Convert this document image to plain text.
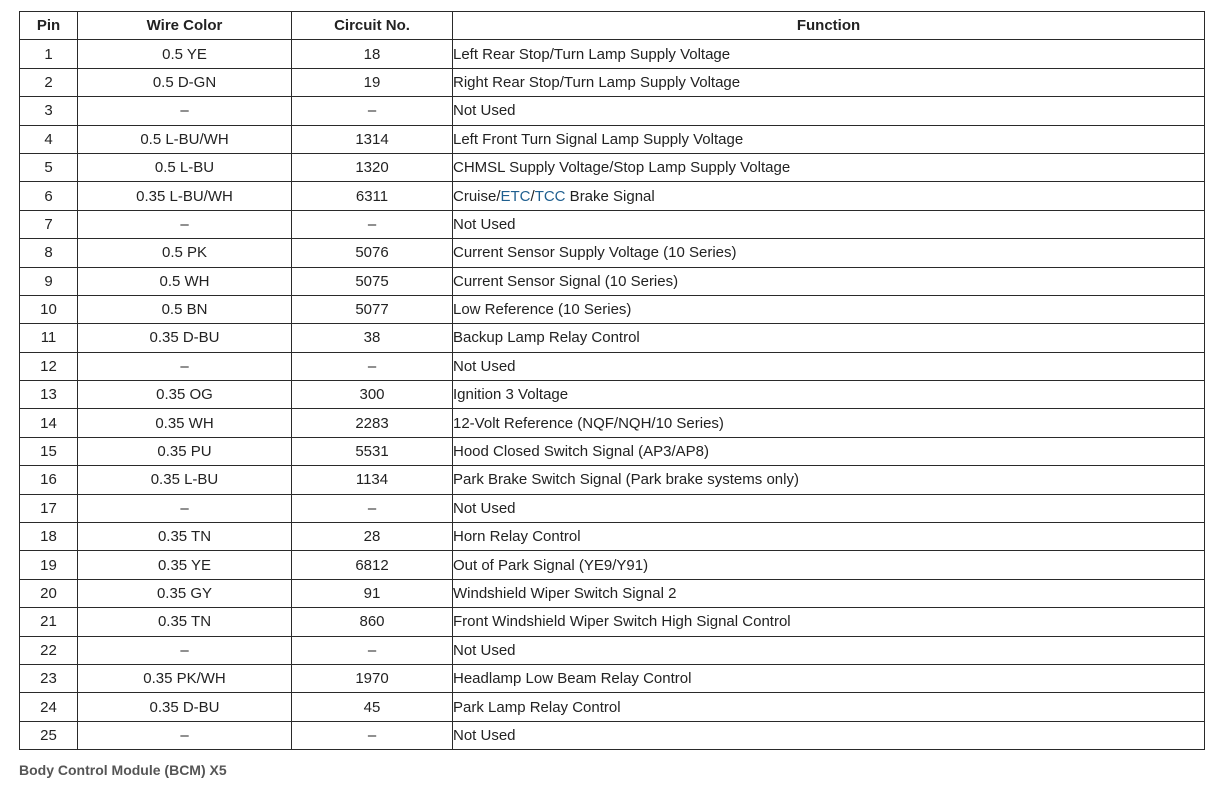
Pin	Wire Color	Circuit No.	Function
1	0.5 YE	18	Left Rear Stop/Turn Lamp Supply Voltage
2	0.5 D-GN	19	Right Rear Stop/Turn Lamp Supply Voltage
3	–	–	Not Used
4	0.5 L-BU/WH	1314	Left Front Turn Signal Lamp Supply Voltage
5	0.5 L-BU	1320	CHMSL Supply Voltage/Stop Lamp Supply Voltage
6	0.35 L-BU/WH	6311	Cruise/ETC/TCC Brake Signal
7	–	–	Not Used
8	0.5 PK	5076	Current Sensor Supply Voltage (10 Series)
9	0.5 WH	5075	Current Sensor Signal (10 Series)
10	0.5 BN	5077	Low Reference (10 Series)
11	0.35 D-BU	38	Backup Lamp Relay Control
12	–	–	Not Used
13	0.35 OG	300	Ignition 3 Voltage
14	0.35 WH	2283	12-Volt Reference (NQF/NQH/10 Series)
15	0.35 PU	5531	Hood Closed Switch Signal (AP3/AP8)
16	0.35 L-BU	1134	Park Brake Switch Signal (Park brake systems only)
17	–	–	Not Used
18	0.35 TN	28	Horn Relay Control
19	0.35 YE	6812	Out of Park Signal (YE9/Y91)
20	0.35 GY	91	Windshield Wiper Switch Signal 2
21	0.35 TN	860	Front Windshield Wiper Switch High Signal Control
22	–	–	Not Used
23	0.35 PK/WH	1970	Headlamp Low Beam Relay Control
24	0.35 D-BU	45	Park Lamp Relay Control
25	–	–	Not Used
Body Control Module (BCM) X5
